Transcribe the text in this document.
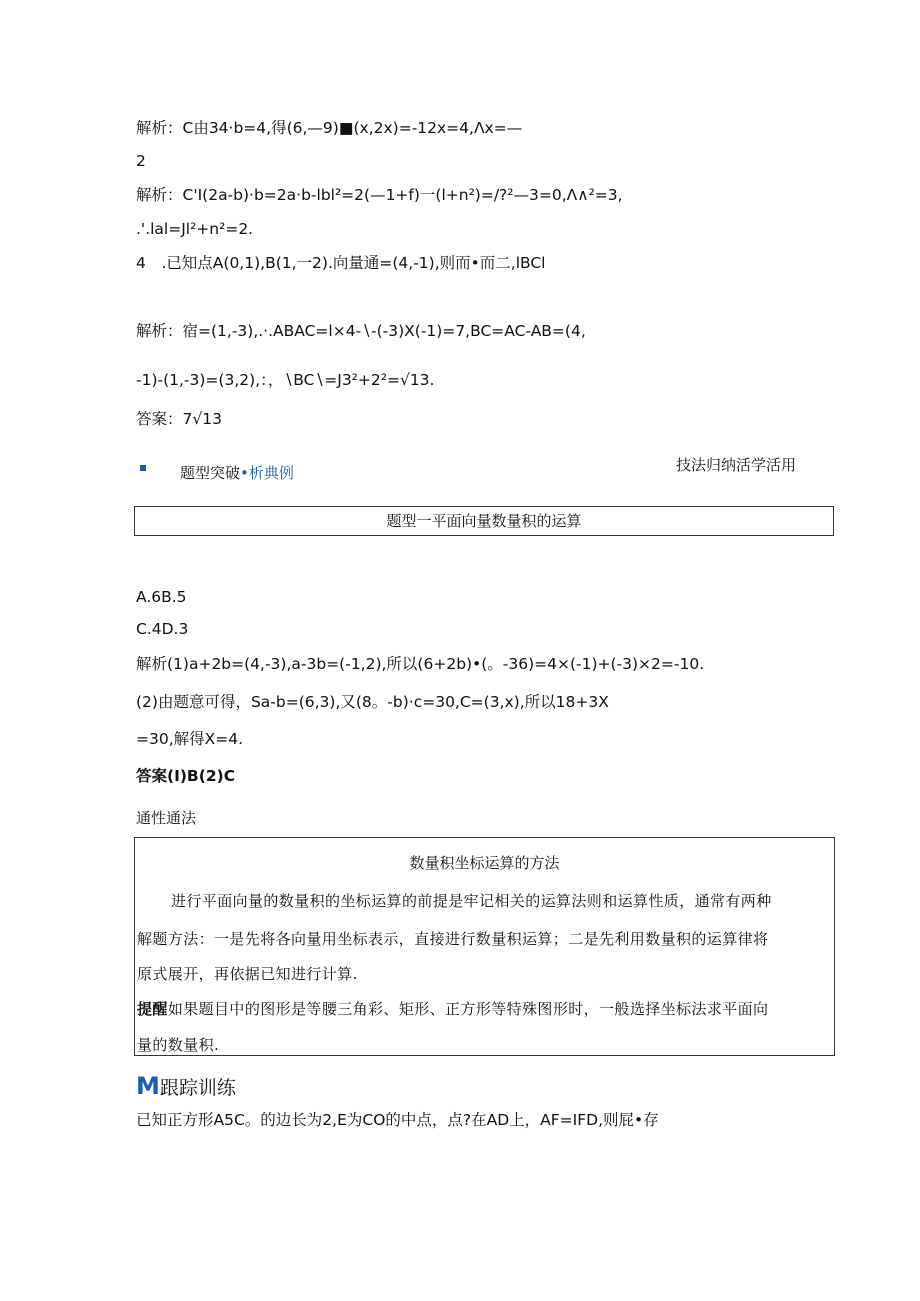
解析：C由34·b=4,得(6,—9)■(x,2x)=-12x=4,Λx=—
2
解析：C'I(2a-b)·b=2a·b-lbl²=2(—1+f)一(l+n²)=/?²—3=0,Λ∧²=3,
.'.lal=Jl²+n²=2.
4　.已知点A(0,1),B(1,一2).向量通=(4,-1),则而•而二,lBCl
解析：宿=(1,-3),.·.ABAC=l×4-∖-(-3)X(-1)=7,BC=AC-AB=(4,
-1)-(1,-3)=(3,2),：，∖BC∖=J3²+2²=√13.
答案：7√13
题型突破•析典例	技法归纳活学活用
题型一平面向量数量积的运算
A.6B.5
C.4D.3
解析(1)a+2b=(4,-3),a-3b=(-1,2),所以(6+2b)•(。-36)=4×(-1)+(-3)×2=-10.
(2)由题意可得，Sa-b=(6,3),又(8。-b)·c=30,C=(3,x),所以18+3X
=30,解得X=4.
答案(I)B(2)C
通性通法
数量积坐标运算的方法
进行平面向量的数量积的坐标运算的前提是牢记相关的运算法则和运算性质，通常有两种
解题方法：一是先将各向量用坐标表示，直接进行数量积运算；二是先利用数量积的运算律将
原式展开，再依据已知进行计算.
提醒如果题目中的图形是等腰三角彩、矩形、正方形等特殊图形时，一般选择坐标法求平面向
量的数量积.
M跟踪训练
已知正方形A5C。的边长为2,E为CO的中点，点?在AD上，AF=IFD,则屁•存
